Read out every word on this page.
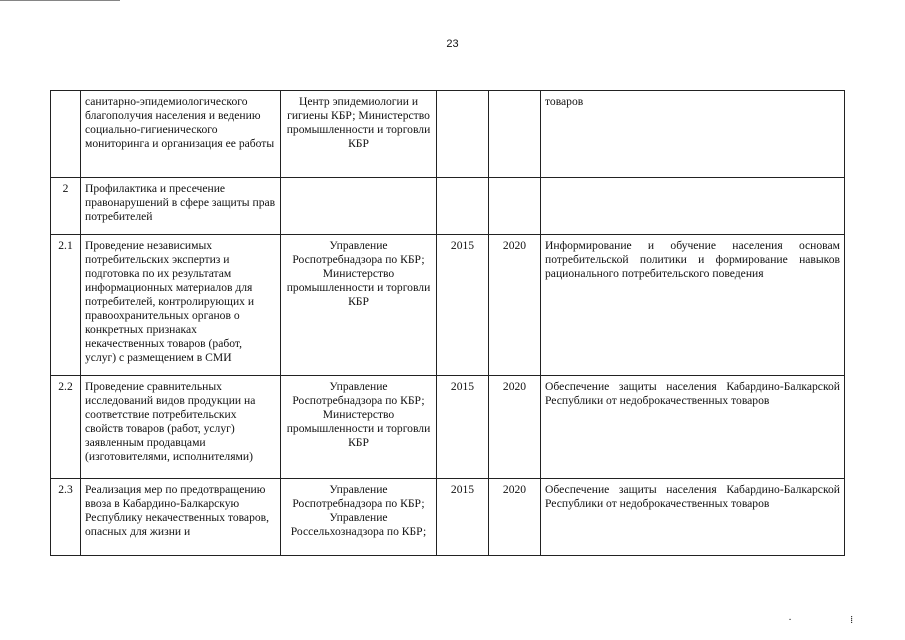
23
	санитарно-эпидемиологического благополучия населения и ведению социально-гигиенического мониторинга и организация ее работы	Центр эпидемиологии и гигиены КБР; Министерство промышленности и торговли КБР			товаров
2	Профилактика и пресечение правонарушений в сфере защиты прав потребителей				
2.1	Проведение независимых потребительских экспертиз и подготовка по их результатам информационных материалов для потребителей, контролирующих и правоохранительных органов о конкретных признаках некачественных товаров (работ, услуг) с размещением в СМИ	Управление Роспотребнадзора по КБР; Министерство промышленности и торговли КБР	2015	2020	Информирование и обучение населения основам потребительской политики и формирование навыков рационального потребительского поведения
2.2	Проведение сравнительных исследований видов продукции на соответствие потребительских свойств товаров (работ, услуг) заявленным продавцами (изготовителями, исполнителями)	Управление Роспотребнадзора по КБР; Министерство промышленности и торговли КБР	2015	2020	Обеспечение защиты населения Кабардино-Балкарской Республики от недоброкачественных товаров
2.3	Реализация мер по предотвращению ввоза в Кабардино-Балкарскую Республику некачественных товаров, опасных для жизни и	Управление Роспотребнадзора по КБР; Управление Россельхознадзора по КБР;	2015	2020	Обеспечение защиты населения Кабардино-Балкарской Республики от недоброкачественных товаров
· ⁞
